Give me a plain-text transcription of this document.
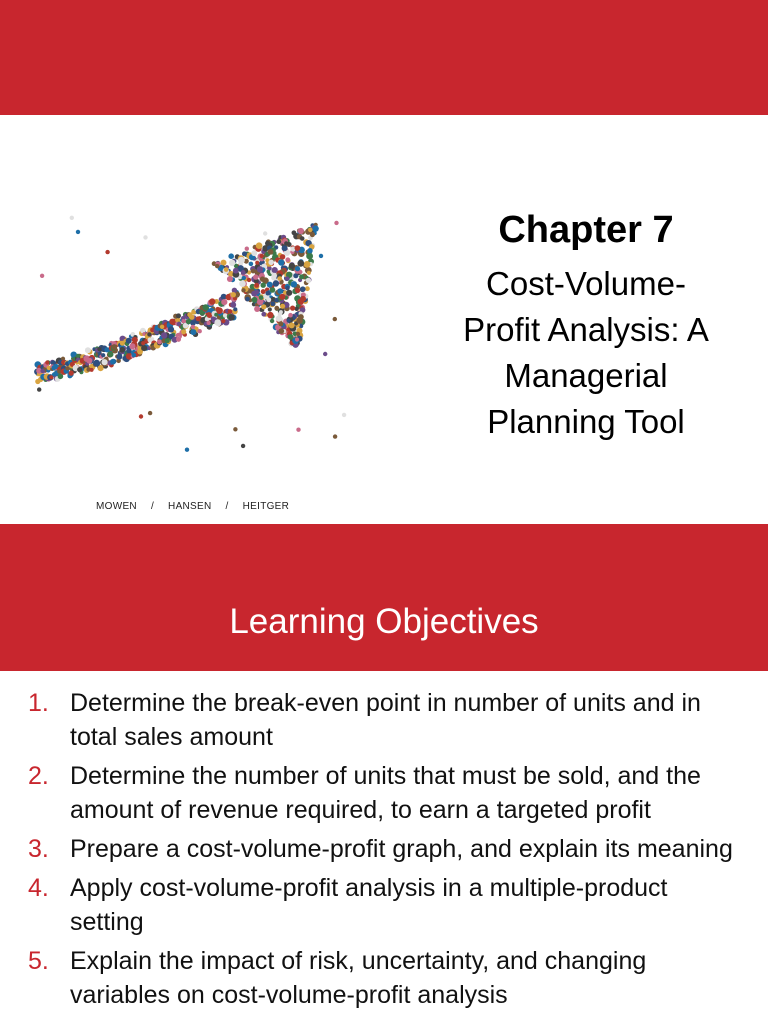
Chapter 7
Cost-Volume-
Profit Analysis: A
Managerial
Planning Tool
MOWEN / HANSEN / HEITGER
Learning Objectives
1. Determine the break-even point in number of units and in total sales amount
2. Determine the number of units that must be sold, and the amount of revenue required, to earn a targeted profit
3. Prepare a cost-volume-profit graph, and explain its meaning
4. Apply cost-volume-profit analysis in a multiple-product setting
5. Explain the impact of risk, uncertainty, and changing variables on cost-volume-profit analysis
